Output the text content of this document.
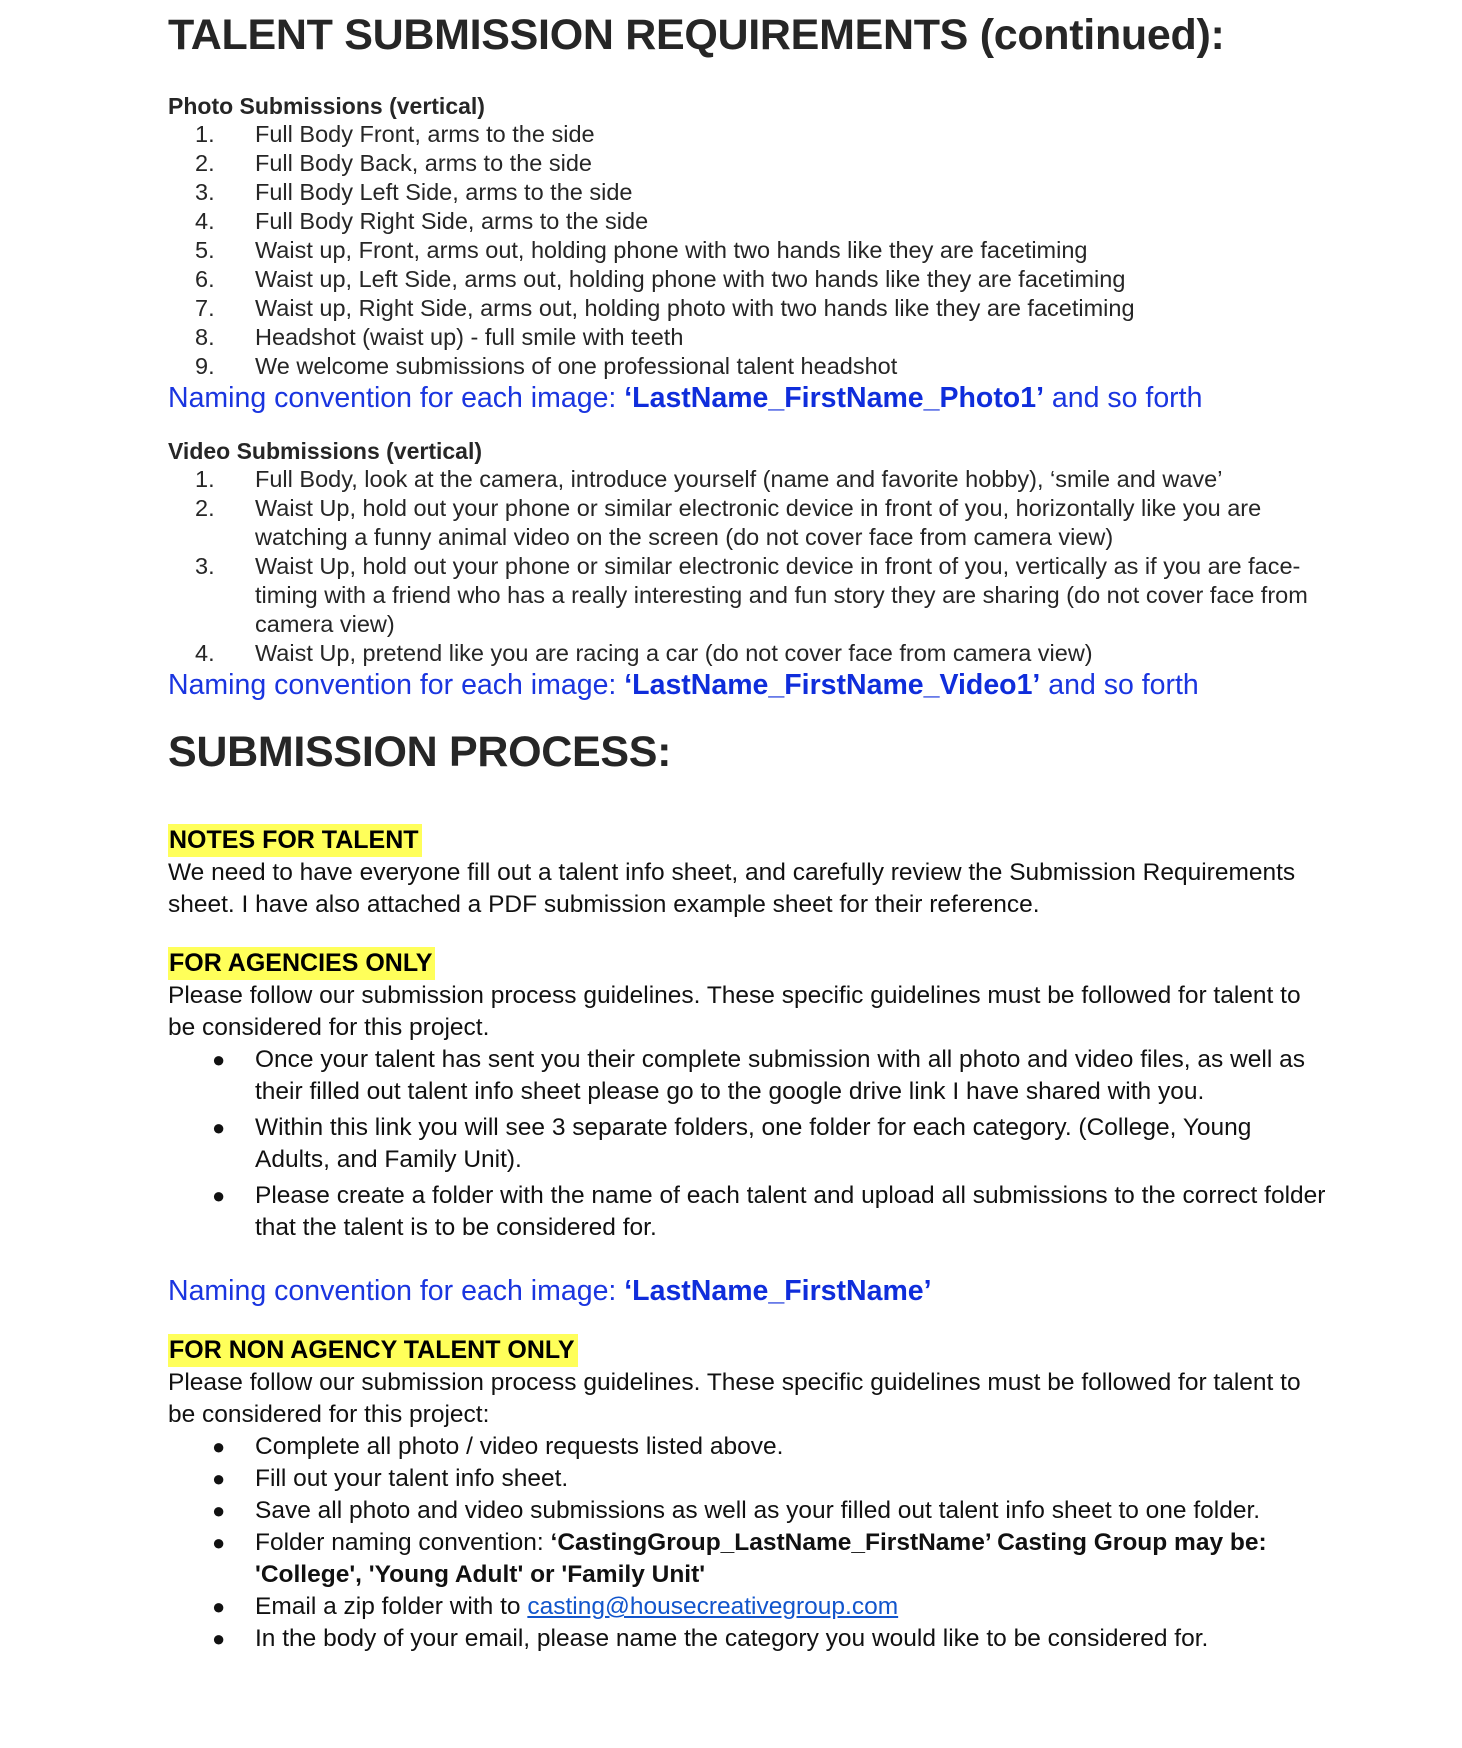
TALENT SUBMISSION REQUIREMENTS (continued):

Photo Submissions (vertical)

1. Full Body Front, arms to the side
2. Full Body Back, arms to the side
3. Full Body Left Side, arms to the side
4. Full Body Right Side, arms to the side
5. Waist up, Front, arms out, holding phone with two hands like they are facetiming
6. Waist up, Left Side, arms out, holding phone with two hands like they are facetiming
7. Waist up, Right Side, arms out, holding photo with two hands like they are facetiming
8. Headshot (waist up) - full smile with teeth
9. We welcome submissions of one professional talent headshot

Naming convention for each image: ‘LastName_FirstName_Photo1’ and so forth

Video Submissions (vertical)

1. Full Body, look at the camera, introduce yourself (name and favorite hobby), ‘smile and wave’
2. Waist Up, hold out your phone or similar electronic device in front of you, horizontally like you are watching a funny animal video on the screen (do not cover face from camera view)
3. Waist Up, hold out your phone or similar electronic device in front of you, vertically as if you are face-timing with a friend who has a really interesting and fun story they are sharing (do not cover face from camera view)
4. Waist Up, pretend like you are racing a car (do not cover face from camera view)

Naming convention for each image: ‘LastName_FirstName_Video1’ and so forth

SUBMISSION PROCESS:
NOTES FOR TALENT

We need to have everyone fill out a talent info sheet, and carefully review the Submission Requirements sheet. I have also attached a PDF submission example sheet for their reference.

FOR AGENCIES ONLY

Please follow our submission process guidelines. These specific guidelines must be followed for talent to be considered for this project.

● Once your talent has sent you their complete submission with all photo and video files, as well as their filled out talent info sheet please go to the google drive link I have shared with you.
● Within this link you will see 3 separate folders, one folder for each category. (College, Young Adults, and Family Unit).
● Please create a folder with the name of each talent and upload all submissions to the correct folder that the talent is to be considered for.

Naming convention for each image: ‘LastName_FirstName’

FOR NON AGENCY TALENT ONLY

Please follow our submission process guidelines. These specific guidelines must be followed for talent to be considered for this project:

● Complete all photo / video requests listed above.
● Fill out your talent info sheet.
● Save all photo and video submissions as well as your filled out talent info sheet to one folder.
● Folder naming convention: ‘CastingGroup_LastName_FirstName’ Casting Group may be: 'College', 'Young Adult' or 'Family Unit'
● Email a zip folder with to casting@housecreativegroup.com
● In the body of your email, please name the category you would like to be considered for.
